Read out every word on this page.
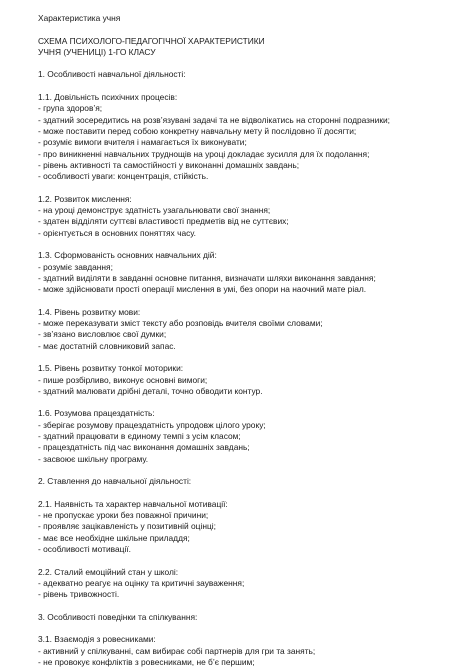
Характеристика учня
СХЕМА ПСИХОЛОГО-ПЕДАГОГІЧНОЇ ХАРАКТЕРИСТИКИ
УЧНЯ (УЧЕНИЦІ) 1-ГО КЛАСУ
1. Особливості навчальної діяльності:
1.1. Довільність психічних процесів:
- група здоров’я;
- здатний зосередитись на розв’язувані задачі та не відволікатись на сторонні подразники;
- може поставити перед собою конкретну навчальну мету й послідовно її досягти;
- розуміє вимоги вчителя і намагається їх виконувати;
- про виникненні навчальних труднощів на уроці докладає зусилля для їх подолання;
- рівень активності та самостійності у виконанні домашніх завдань;
- особливості уваги: концентрація, стійкість.
1.2. Розвиток мислення:
- на уроці демонструє здатність узагальнювати свої знання;
- здатен відділяти суттєві властивості предметів від не суттєвих;
- орієнтується в основних поняттях часу.
1.3. Сформованість основних навчальних дій:
- розуміє завдання;
- здатний виділяти в завданні основне питання, визначати шляхи виконання завдання;
- може здійснювати прості операції мислення в умі, без опори на наочний мате ріал.
1.4. Рівень розвитку мови:
- може переказувати зміст тексту або розповідь вчителя своїми словами;
- зв’язано висловлює свої думки;
- має достатній словниковий запас.
1.5. Рівень розвитку тонкої моторики:
- пише розбірливо, виконує основні вимоги;
- здатний малювати дрібні деталі, точно обводити контур.
1.6. Розумова працездатність:
- зберігає розумову працездатність упродовж цілого уроку;
- здатний працювати в єдиному темпі з усім класом;
- працездатність під час виконання домашніх завдань;
- засвоює шкільну програму.
2. Ставлення до навчальної діяльності:
2.1. Наявність та характер навчальної мотивації:
- не пропускає уроки без поважної причини;
- проявляє зацікавленість у позитивній оцінці;
- має все необхідне шкільне приладдя;
- особливості мотивації.
2.2. Сталий емоційний стан у школі:
- адекватно реагує на оцінку та критичні зауваження;
- рівень тривожності.
3. Особливості поведінки та спілкування:
3.1. Взаємодія з ровесниками:
- активний у спілкуванні, сам вибирає собі партнерів для гри та занять;
- не провокує конфліктів з ровесниками, не б’є першим;
